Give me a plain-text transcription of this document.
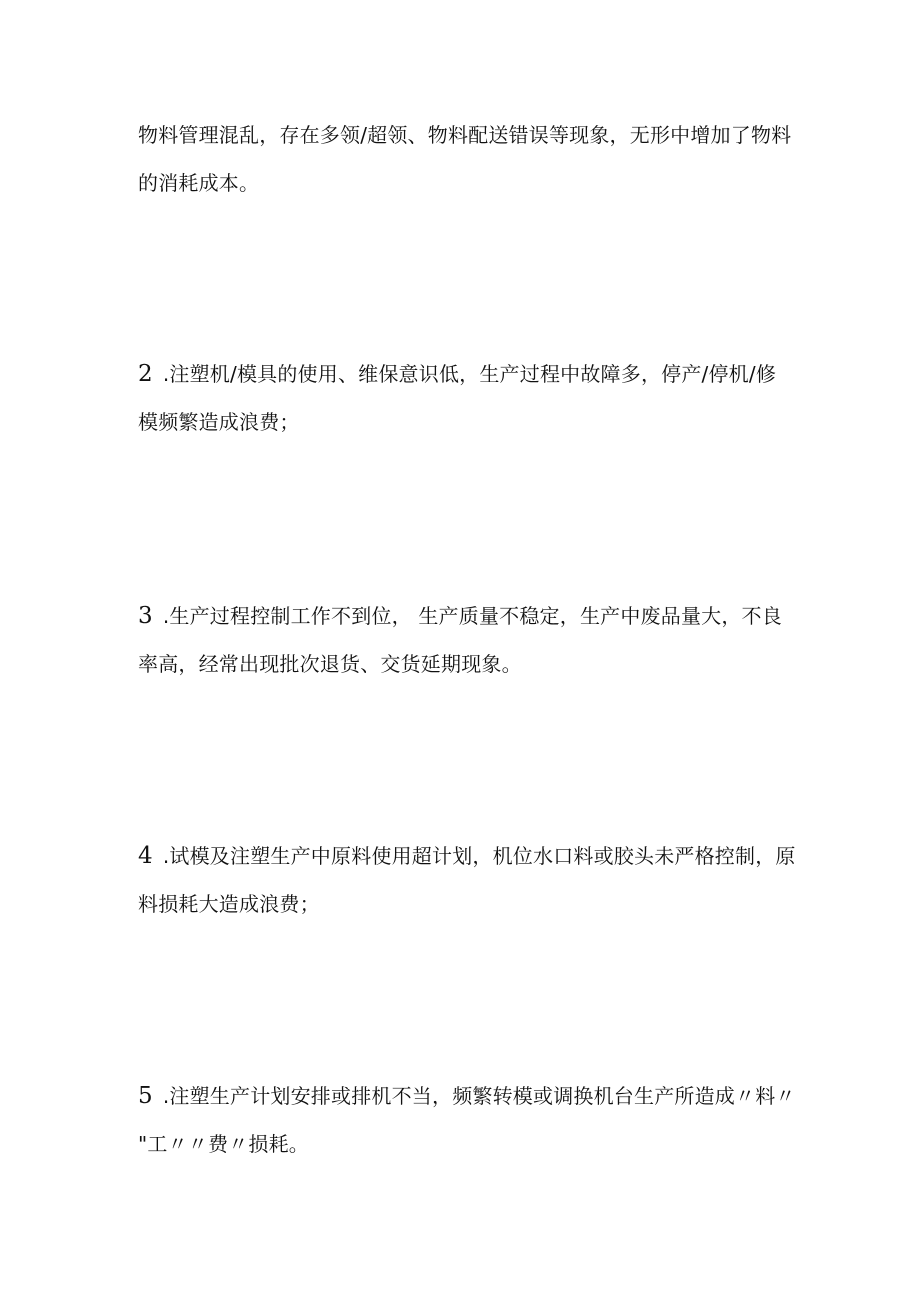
物料管理混乱，存在多领/超领、物料配送错误等现象，无形中增加了物料
的消耗成本。
2 .注塑机/模具的使用、维保意识低，生产过程中故障多，停产/停机/修
模频繁造成浪费；
3 .生产过程控制工作不到位， 生产质量不稳定，生产中废品量大，不良
率高，经常出现批次退货、交货延期现象。
4 .试模及注塑生产中原料使用超计划，机位水口料或胶头未严格控制，原
料损耗大造成浪费；
5 .注塑生产计划安排或排机不当，频繁转模或调换机台生产所造成〃料〃
"工〃〃费〃损耗。
